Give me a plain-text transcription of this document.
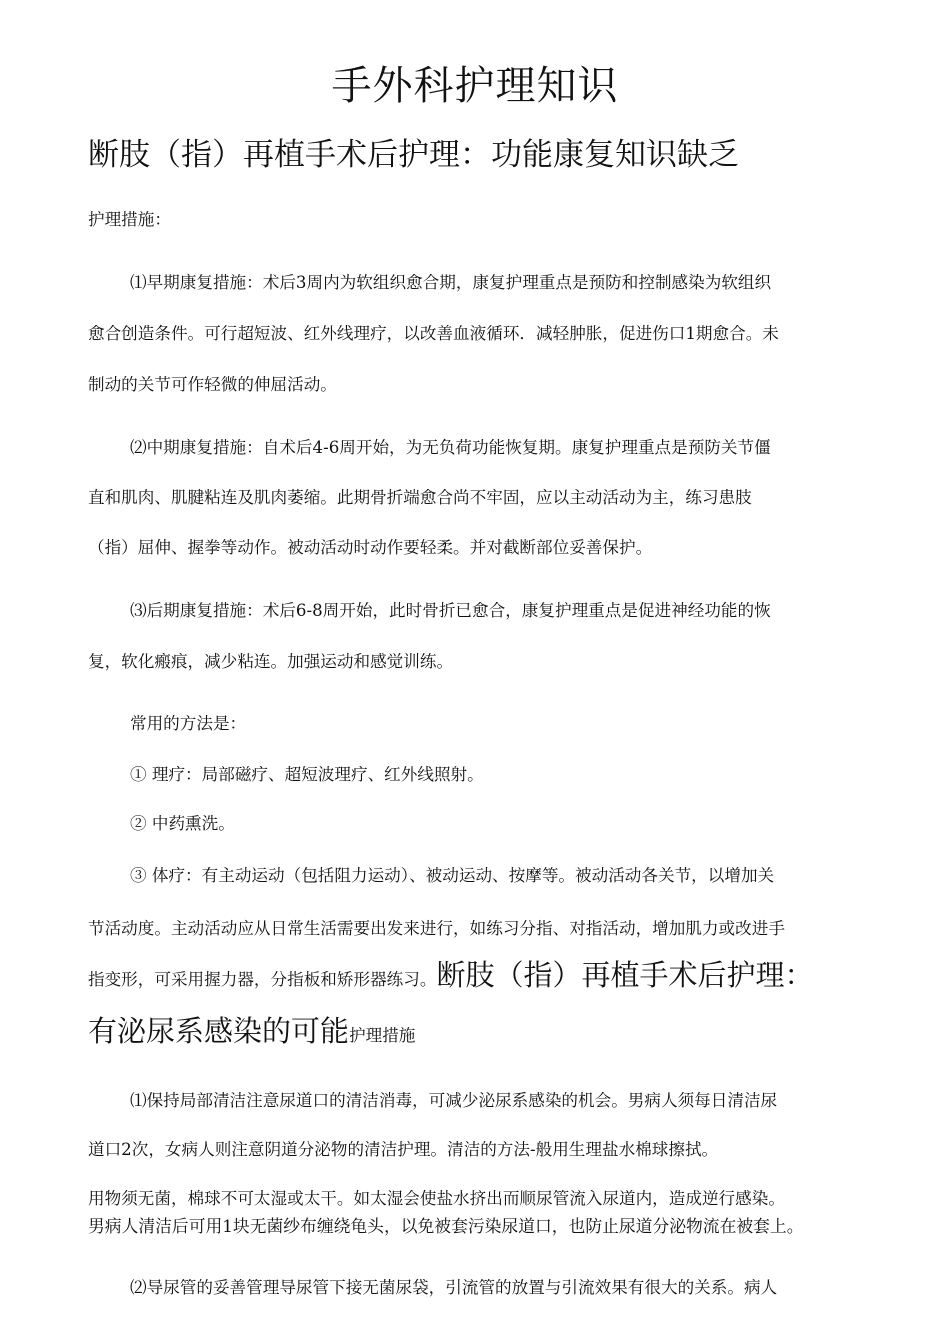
手外科护理知识
断肢（指）再植手术后护理：功能康复知识缺乏
护理措施：
⑴早期康复措施：术后3周内为软组织愈合期，康复护理重点是预防和控制感染为软组织
愈合创造条件。可行超短波、红外线理疗，以改善血液循环．减轻肿胀，促进伤口1期愈合。未
制动的关节可作轻微的伸屈活动。
⑵中期康复措施：自术后4-6周开始，为无负荷功能恢复期。康复护理重点是预防关节僵
直和肌肉、肌腱粘连及肌肉萎缩。此期骨折端愈合尚不牢固，应以主动活动为主，练习患肢
（指）屈伸、握拳等动作。被动活动时动作要轻柔。并对截断部位妥善保护。
⑶后期康复措施：术后6-8周开始，此时骨折已愈合，康复护理重点是促进神经功能的恢
复，软化瘢痕，减少粘连。加强运动和感觉训练。
常用的方法是：
① 理疗：局部磁疗、超短波理疗、红外线照射。
② 中药熏洗。
③ 体疗：有主动运动（包括阻力运动）、被动运动、按摩等。被动活动各关节，以增加关
节活动度。主动活动应从日常生活需要出发来进行，如练习分指、对指活动，增加肌力或改进手
指变形，可采用握力器，分指板和矫形器练习。断肢（指）再植手术后护理：
有泌尿系感染的可能护理措施
⑴保持局部清洁注意尿道口的清洁消毒，可减少泌尿系感染的机会。男病人须每日清洁尿
道口2次，女病人则注意阴道分泌物的清洁护理。清洁的方法-般用生理盐水棉球擦拭。
用物须无菌，棉球不可太湿或太干。如太湿会使盐水挤出而顺尿管流入尿道内，造成逆行感染。
男病人清洁后可用1块无菌纱布缠绕龟头，以免被套污染尿道口，也防止尿道分泌物流在被套上。
⑵导尿管的妥善管理导尿管下接无菌尿袋，引流管的放置与引流效果有很大的关系。病人
